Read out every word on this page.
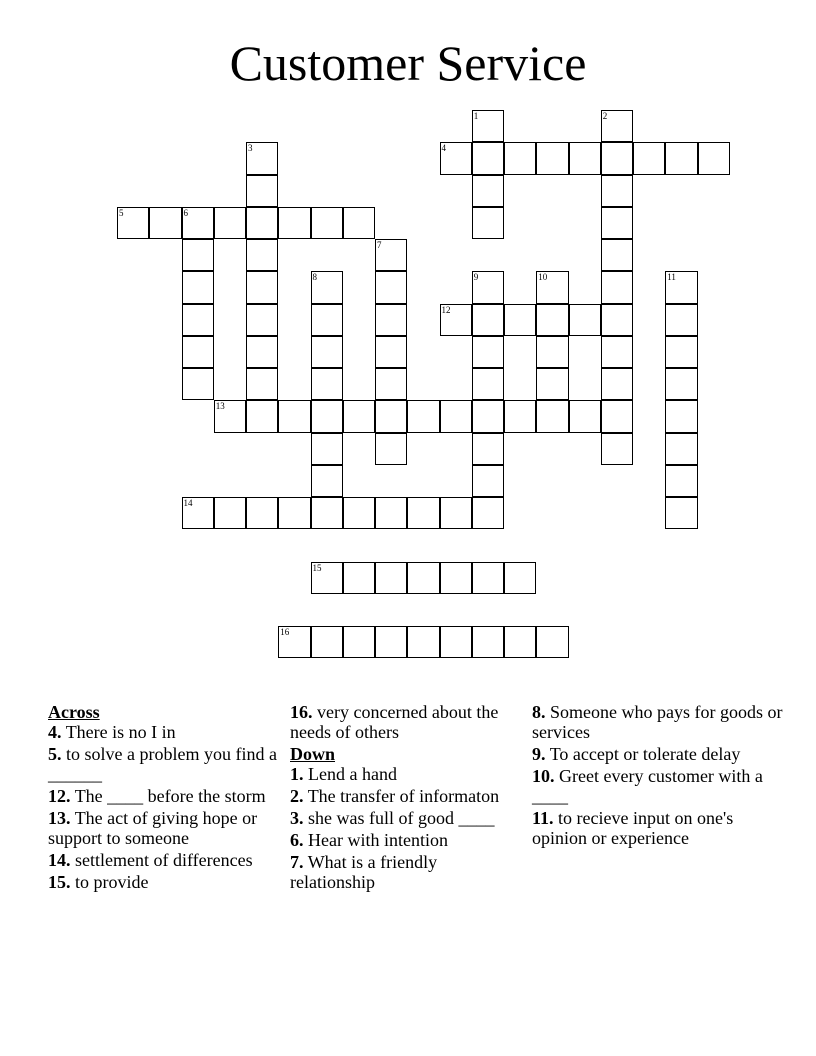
Customer Service
4
5	6
12
13
14
15
16
1	2
3
7
8	9	10	11
Across
4. There is no I in
5. to solve a problem you find a ______
12. The ____ before the storm
13. The act of giving hope or support to someone
14. settlement of differences
15. to provide
16. very concerned about the needs of others
Down
1. Lend a hand
2. The transfer of informaton
3. she was full of good ____
6. Hear with intention
7. What is a friendly relationship
8. Someone who pays for goods or services
9. To accept or tolerate delay
10. Greet every customer with a ____
11. to recieve input on one's opinion or experience
